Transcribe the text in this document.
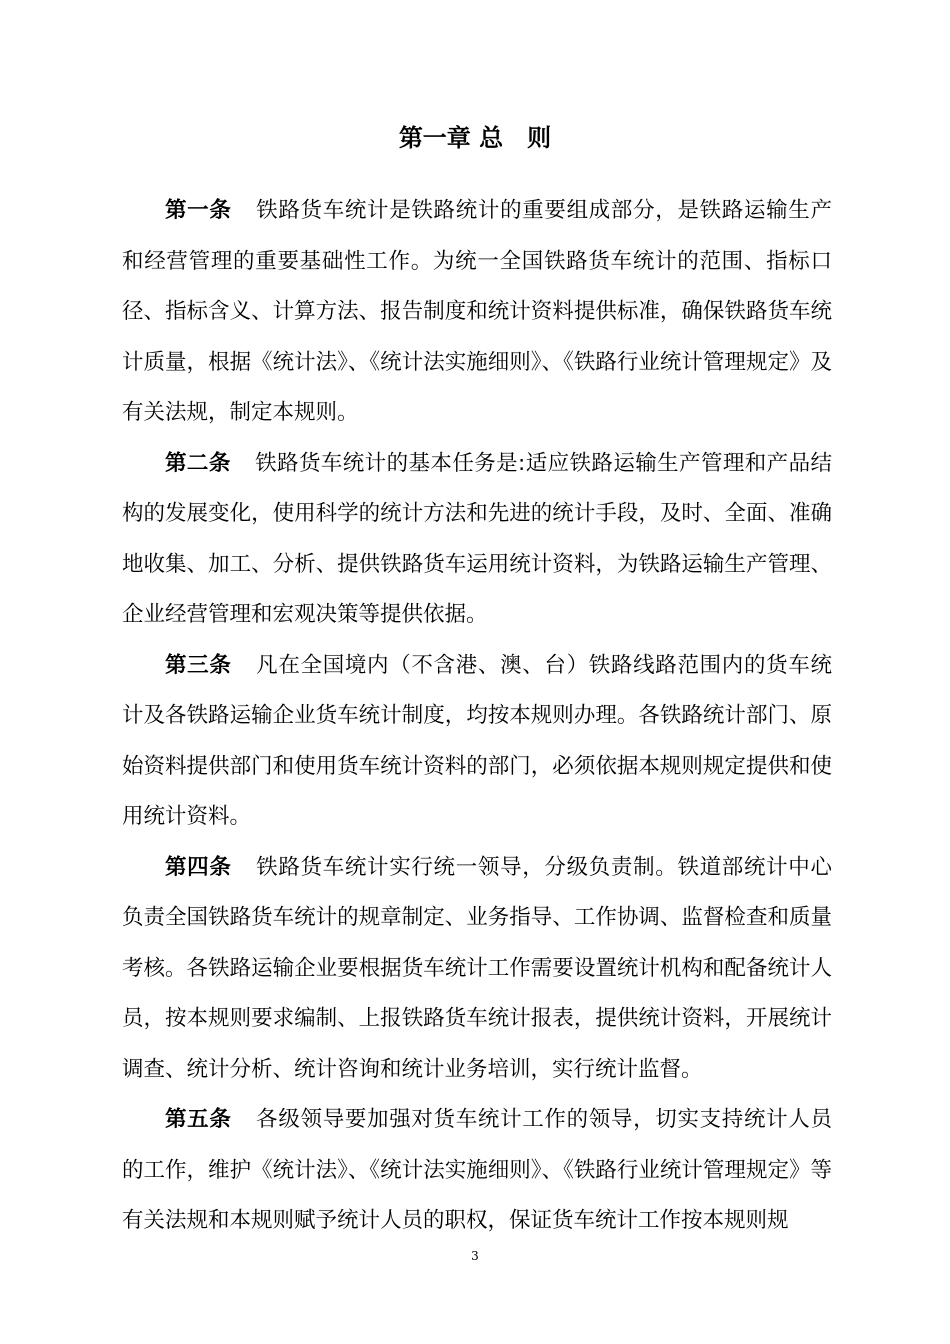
第一章 总　则

第一条 铁路货车统计是铁路统计的重要组成部分，是铁路运输生产和经营管理的重要基础性工作。为统一全国铁路货车统计的范围、指标口径、指标含义、计算方法、报告制度和统计资料提供标准，确保铁路货车统计质量，根据《统计法》、《统计法实施细则》、《铁路行业统计管理规定》及有关法规，制定本规则。

第二条 铁路货车统计的基本任务是:适应铁路运输生产管理和产品结构的发展变化，使用科学的统计方法和先进的统计手段，及时、全面、准确地收集、加工、分析、提供铁路货车运用统计资料，为铁路运输生产管理、企业经营管理和宏观决策等提供依据。

第三条 凡在全国境内（不含港、澳、台）铁路线路范围内的货车统计及各铁路运输企业货车统计制度，均按本规则办理。各铁路统计部门、原始资料提供部门和使用货车统计资料的部门，必须依据本规则规定提供和使用统计资料。

第四条 铁路货车统计实行统一领导，分级负责制。铁道部统计中心负责全国铁路货车统计的规章制定、业务指导、工作协调、监督检查和质量考核。各铁路运输企业要根据货车统计工作需要设置统计机构和配备统计人员，按本规则要求编制、上报铁路货车统计报表，提供统计资料，开展统计调查、统计分析、统计咨询和统计业务培训，实行统计监督。

第五条 各级领导要加强对货车统计工作的领导，切实支持统计人员的工作，维护《统计法》、《统计法实施细则》、《铁路行业统计管理规定》等有关法规和本规则赋予统计人员的职权，保证货车统计工作按本规则规

3
